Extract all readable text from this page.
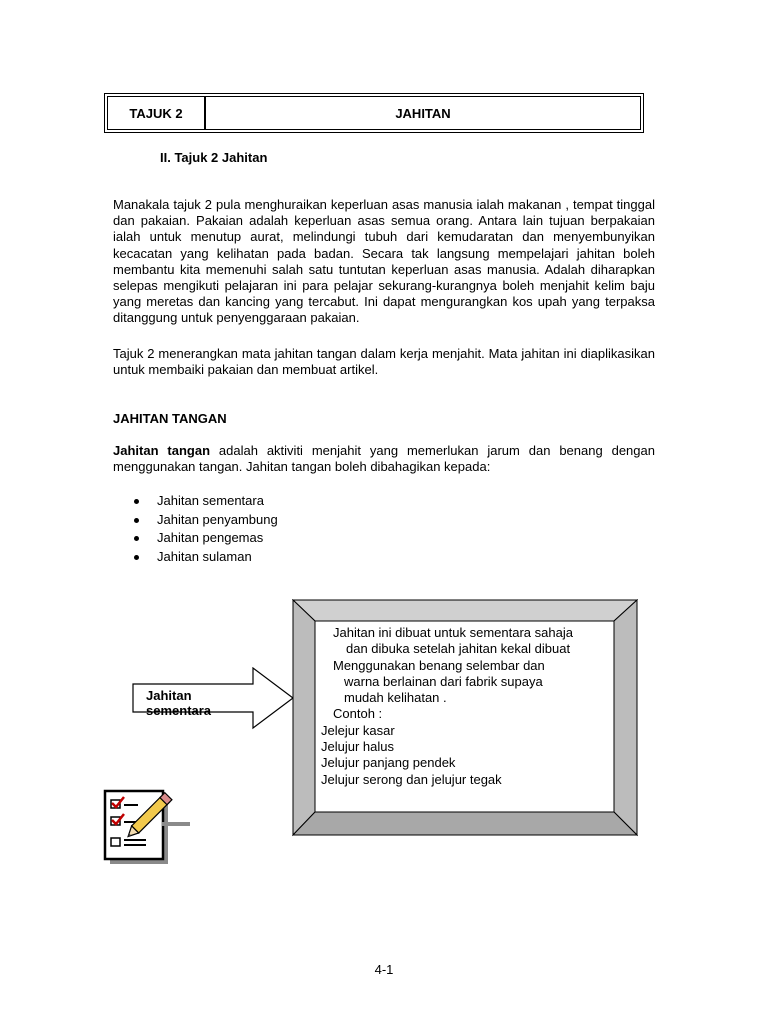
TAJUK 2	JAHITAN
II. Tajuk 2 Jahitan

Manakala tajuk 2 pula menghuraikan keperluan asas manusia ialah makanan , tempat tinggal dan pakaian. Pakaian adalah keperluan asas semua orang. Antara lain tujuan berpakaian ialah untuk menutup aurat, melindungi tubuh dari kemudaratan dan menyembunyikan kecacatan yang kelihatan pada badan. Secara tak langsung mempelajari jahitan boleh membantu kita memenuhi salah satu tuntutan keperluan asas manusia. Adalah diharapkan selepas mengikuti pelajaran ini para pelajar sekurang-kurangnya boleh menjahit kelim baju yang meretas dan kancing yang tercabut. Ini dapat mengurangkan kos upah yang terpaksa ditanggung untuk penyenggaraan pakaian.

Tajuk 2 menerangkan mata jahitan tangan dalam kerja menjahit. Mata jahitan ini diaplikasikan untuk membaiki pakaian dan membuat artikel.

JAHITAN TANGAN

Jahitan tangan adalah aktiviti menjahit yang memerlukan jarum dan benang dengan menggunakan tangan. Jahitan tangan boleh dibahagikan kepada:

Jahitan sementara
Jahitan penyambung
Jahitan pengemas
Jahitan sulaman
Jahitan
sementara
Jahitan ini dibuat untuk sementara sahaja
dan dibuka setelah jahitan kekal dibuat
Menggunakan benang selembar dan
warna berlainan dari fabrik supaya
mudah kelihatan .
Contoh :
Jelejur kasar
Jelujur halus
Jelujur panjang pendek
Jelujur serong dan jelujur tegak
4-1
